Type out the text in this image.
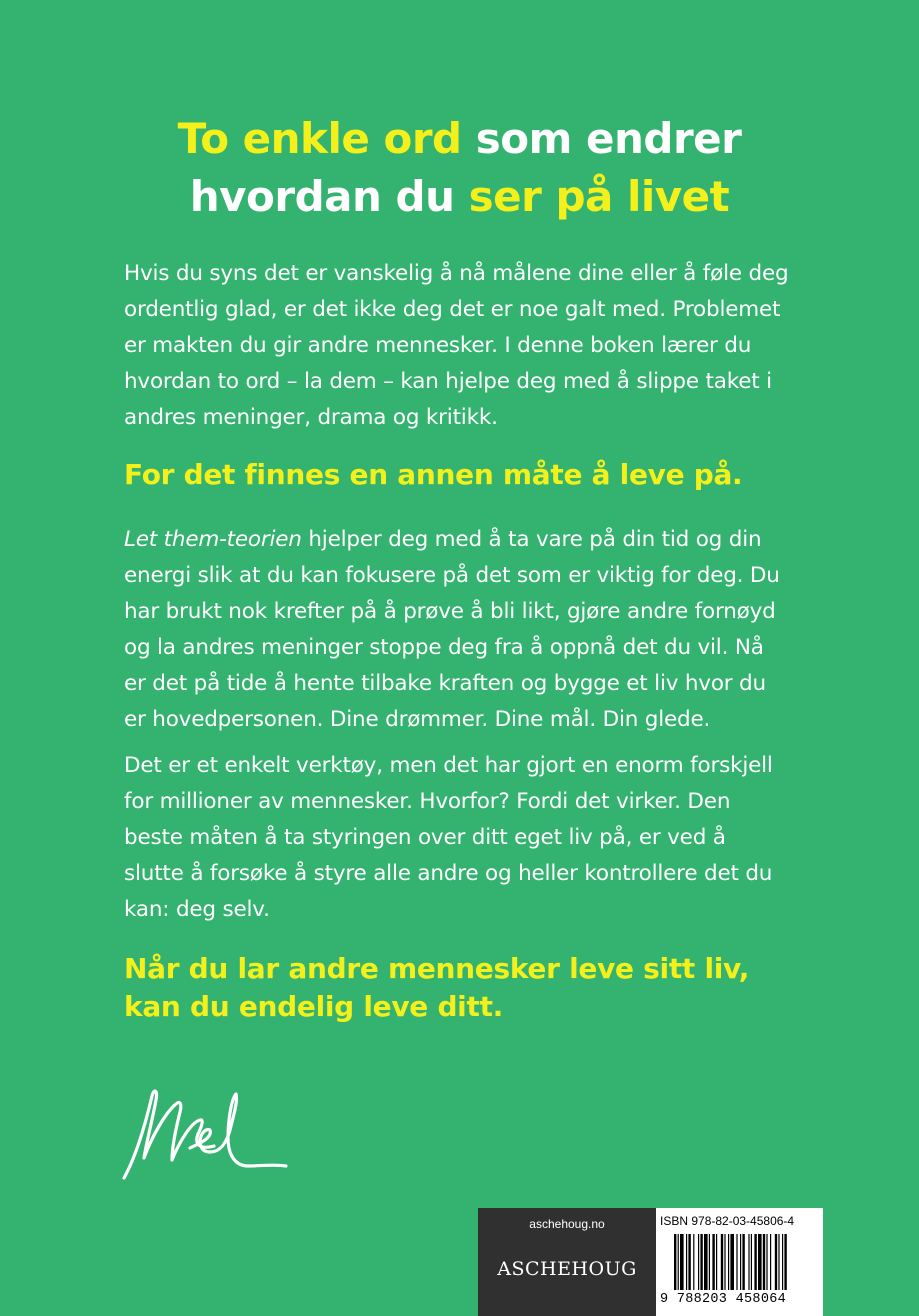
To enkle ord som endrer
hvordan du ser på livet
Hvis du syns det er vanskelig å nå målene dine eller å føle deg
ordentlig glad, er det ikke deg det er noe galt med. Problemet
er makten du gir andre mennesker. I denne boken lærer du
hvordan to ord – la dem – kan hjelpe deg med å slippe taket i
andres meninger, drama og kritikk.
For det finnes en annen måte å leve på.
Let them-teorien hjelper deg med å ta vare på din tid og din
energi slik at du kan fokusere på det som er viktig for deg. Du
har brukt nok krefter på å prøve å bli likt, gjøre andre fornøyd
og la andres meninger stoppe deg fra å oppnå det du vil. Nå
er det på tide å hente tilbake kraften og bygge et liv hvor du
er hovedpersonen. Dine drømmer. Dine mål. Din glede.
Det er et enkelt verktøy, men det har gjort en enorm forskjell
for millioner av mennesker. Hvorfor? Fordi det virker. Den
beste måten å ta styringen over ditt eget liv på, er ved å
slutte å forsøke å styre alle andre og heller kontrollere det du
kan: deg selv.
Når du lar andre mennesker leve sitt liv,
kan du endelig leve ditt.
aschehoug.no
ASCHEHOUG
ISBN 978-82-03-45806-4
9 788203 458064
